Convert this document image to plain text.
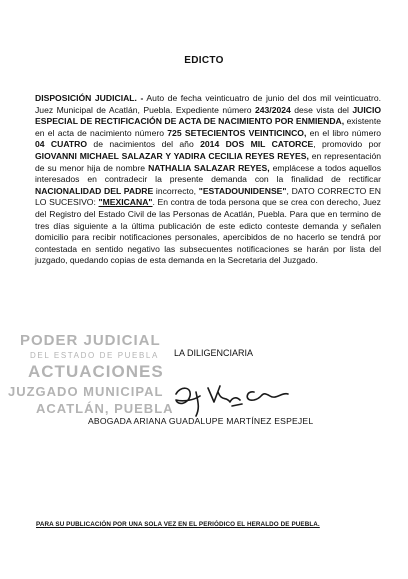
EDICTO
DISPOSICIÓN JUDICIAL. - Auto de fecha veinticuatro de junio del dos mil veinticuatro. Juez Municipal de Acatlán, Puebla. Expediente número 243/2024 dese vista del JUICIO ESPECIAL DE RECTIFICACIÓN DE ACTA DE NACIMIENTO POR ENMIENDA, existente en el acta de nacimiento número 725 SETECIENTOS VEINTICINCO, en el libro número 04 CUATRO de nacimientos del año 2014 DOS MIL CATORCE, promovido por GIOVANNI MICHAEL SALAZAR Y YADIRA CECILIA REYES REYES, en representación de su menor hija de nombre NATHALIA SALAZAR REYES, emplácese a todos aquellos interesados en contradecir la presente demanda con la finalidad de rectificar NACIONALIDAD DEL PADRE incorrecto, "ESTADOUNIDENSE", DATO CORRECTO EN LO SUCESIVO: "MEXICANA". En contra de toda persona que se crea con derecho, Juez del Registro del Estado Civil de las Personas de Acatlán, Puebla. Para que en termino de tres días siguiente a la última publicación de este edicto conteste demanda y señalen domicilio para recibir notificaciones personales, apercibidos de no hacerlo se tendrá por contestada en sentido negativo las subsecuentes notificaciones se harán por lista del juzgado, quedando copias de esta demanda en la Secretaria del Juzgado.
PODER JUDICIAL
DEL ESTADO DE PUEBLA
ACTUACIONES
JUZGADO MUNICIPAL
ACATLÁN, PUEBLA
LA DILIGENCIARIA
ABOGADA ARIANA GUADALUPE MARTÍNEZ ESPEJEL
PARA SU PUBLICACIÓN POR UNA SOLA VEZ EN EL PERIÓDICO EL HERALDO DE PUEBLA.
